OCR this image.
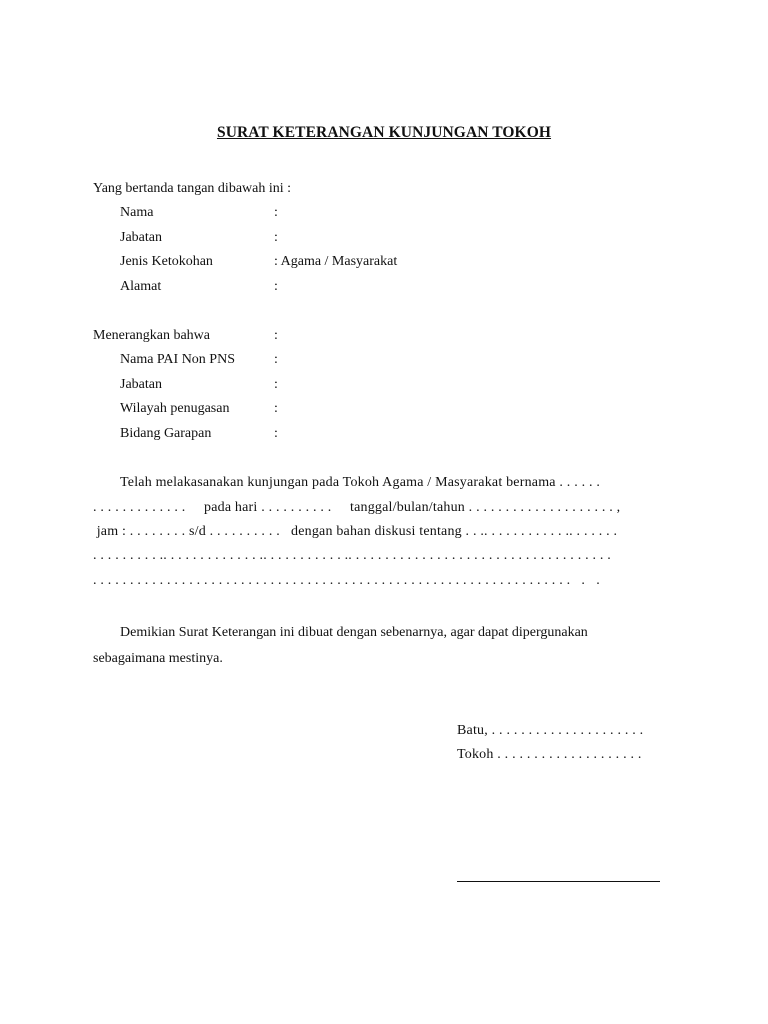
SURAT KETERANGAN KUNJUNGAN TOKOH
Yang bertanda tangan dibawah ini :
Nama	:
Jabatan	:
Jenis Ketokohan	: Agama / Masyarakat
Alamat	:
Menerangkan bahwa	:
Nama PAI Non PNS	:
Jabatan	:
Wilayah penugasan	:
Bidang Garapan	:
Telah melakasanakan kunjungan pada Tokoh Agama / Masyarakat bernama . . . . . .
. . . . . . . . . . . . .     pada hari . . . . . . . . . .     tanggal/bulan/tahun . . . . . . . . . . . . . . . . . . . . ,
jam : . . . . . . . . s/d . . . . . . . . . .   dengan bahan diskusi tentang . . .. . . . . . . . . . . .. . . . . . .
. . . . . . . . . .. . . . . . . . . . . . . .. . . . . . . . . . . .. . . . . . . . . . . . . . . . . . . . . . . . . . . . . . . . . . . .
. . . . . . . . . . . . . . . . . . . . . . . . . . . . . . . . . . . . . . . . . . . . . . . . . . . . . . . . . . . . . . . . .   .   .
Demikian Surat Keterangan ini dibuat dengan sebenarnya, agar dapat dipergunakan
sebagaimana mestinya.
Batu, . . . . . . . . . . . . . . . . . . . . .
Tokoh . . . . . . . . . . . . . . . . . . . .
